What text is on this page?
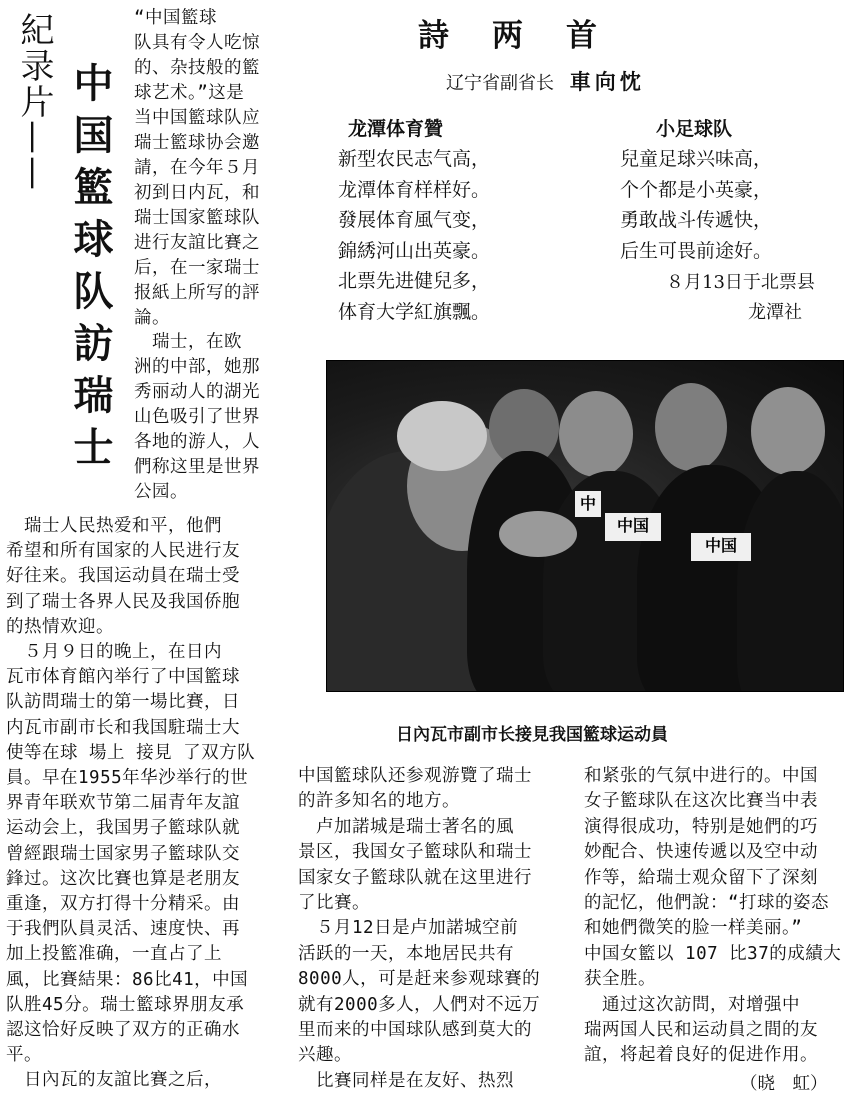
紀录片—— 中国籃球队訪瑞士
“中国籃球
队具有令人吃惊
的、杂技般的籃
球艺术。”这是
当中国籃球队应
瑞士籃球协会邀
請，在今年５月
初到日内瓦，和
瑞士国家籃球队
进行友誼比賽之
后，在一家瑞士
报紙上所写的評
論。
　瑞士，在欧
洲的中部，她那
秀丽动人的湖光
山色吸引了世界
各地的游人，人
們称这里是世界
公园。
　瑞士人民热爱和平，他們
希望和所有国家的人民进行友
好往来。我国运动員在瑞士受
到了瑞士各界人民及我国侨胞
的热情欢迎。
　５月９日的晚上，在日内
瓦市体育館內举行了中国籃球
队訪問瑞士的第一場比賽，日
内瓦市副市长和我国駐瑞士大
使等在球 場上 接見 了双方队
員。早在1955年华沙举行的世
界青年联欢节第二届青年友誼
运动会上，我国男子籃球队就
曾經跟瑞士国家男子籃球队交
鋒过。这次比賽也算是老朋友
重逢，双方打得十分精采。由
于我們队員灵活、速度快、再
加上投籃准确，一直占了上
風，比賽結果：86比41，中国
队胜45分。瑞士籃球界朋友承
認这恰好反映了双方的正确水
平。
　日內瓦的友誼比賽之后，
詩　两　首
辽宁省副省长 車向忱
龙潭体育贊
新型农民志气高，
龙潭体育样样好。
發展体育風气变，
錦綉河山出英豪。
北票先进健兒多，
体育大学紅旗飄。
小足球队
兒童足球兴味高，
个个都是小英豪，
勇敢战斗传遞快，
后生可畏前途好。
８月13日于北票县
龙潭社
中
中国
中国
日內瓦市副市长接見我国籃球运动員
中国籃球队还参观游覽了瑞士
的許多知名的地方。
　卢加諾城是瑞士著名的風
景区，我国女子籃球队和瑞士
国家女子籃球队就在这里进行
了比賽。
　５月12日是卢加諾城空前
活跃的一天，本地居民共有
8000人，可是赶来参观球賽的
就有2000多人，人們对不远万
里而来的中国球队感到莫大的
兴趣。
　比賽同样是在友好、热烈
和紧张的气氛中进行的。中国
女子籃球队在这次比賽当中表
演得很成功，特别是她們的巧
妙配合、快速传遞以及空中动
作等，給瑞士观众留下了深刻
的記忆，他們說：“打球的姿态
和她們微笑的脸一样美丽。”
中国女籃以 107 比37的成績大
获全胜。
　通过这次訪問，对增强中
瑞两国人民和运动員之間的友
誼，将起着良好的促进作用。
（晓　虹）
